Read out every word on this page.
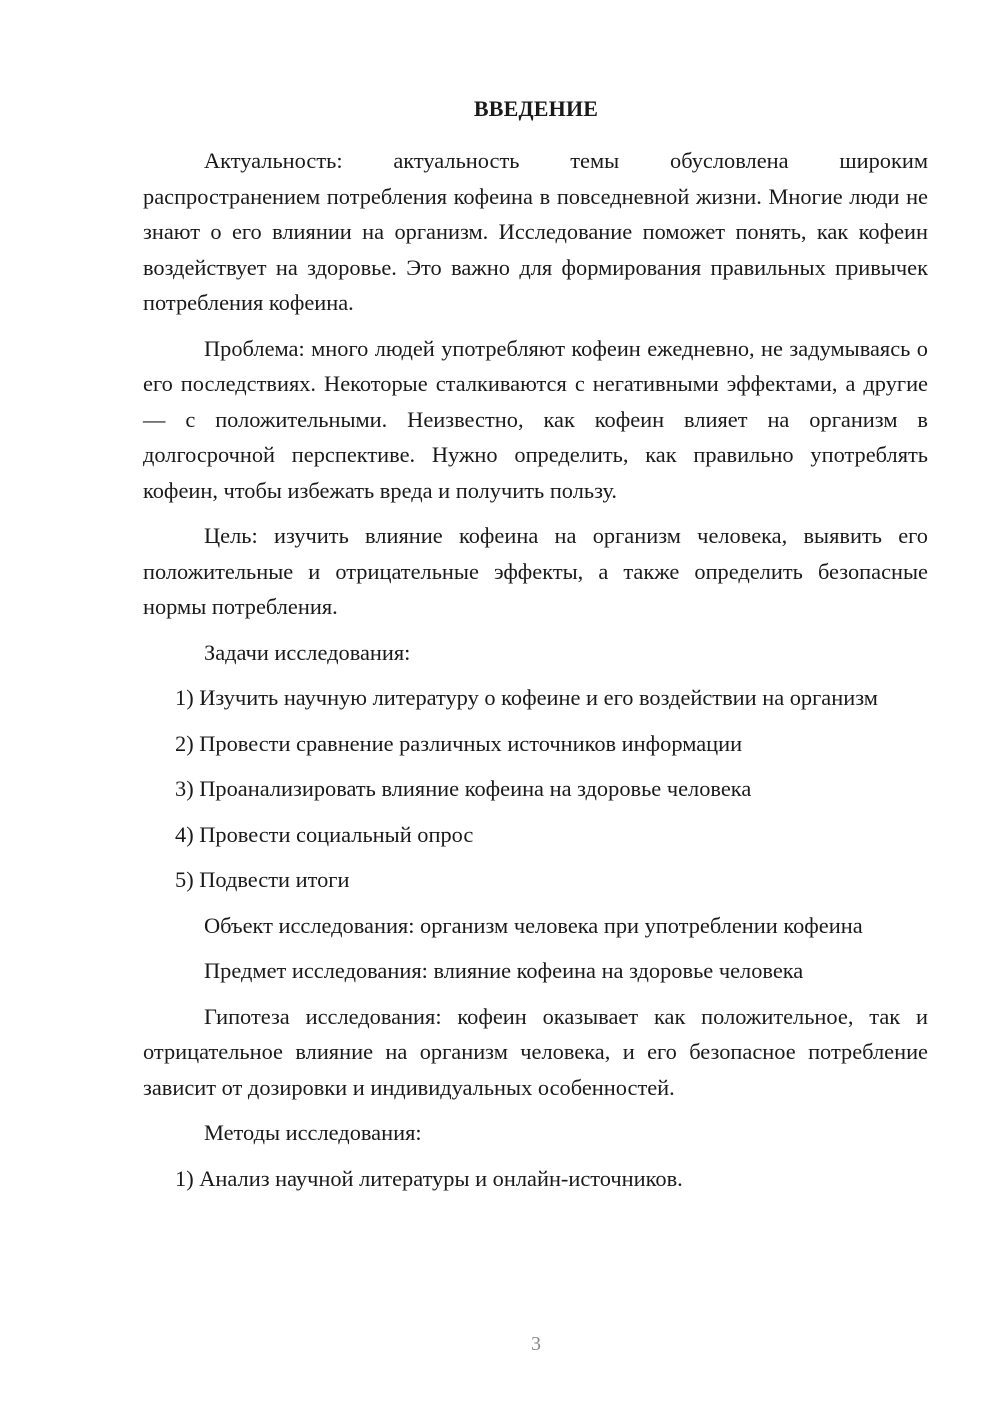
ВВЕДЕНИЕ

Актуальность: актуальность темы обусловлена широким распространением потребления кофеина в повседневной жизни. Многие люди не знают о его влиянии на организм. Исследование поможет понять, как кофеин воздействует на здоровье. Это важно для формирования правильных привычек потребления кофеина.

Проблема: много людей употребляют кофеин ежедневно, не задумываясь о его последствиях. Некоторые сталкиваются с негативными эффектами, а другие — с положительными. Неизвестно, как кофеин влияет на организм в долгосрочной перспективе. Нужно определить, как правильно употреблять кофеин, чтобы избежать вреда и получить пользу.

Цель: изучить влияние кофеина на организм человека, выявить его положительные и отрицательные эффекты, а также определить безопасные нормы потребления.

Задачи исследования:

1) Изучить научную литературу о кофеине и его воздействии на организм

2) Провести сравнение различных источников информации

3) Проанализировать влияние кофеина на здоровье человека

4) Провести социальный опрос

5) Подвести итоги

Объект исследования: организм человека при употреблении кофеина

Предмет исследования: влияние кофеина на здоровье человека

Гипотеза исследования: кофеин оказывает как положительное, так и отрицательное влияние на организм человека, и его безопасное потребление зависит от дозировки и индивидуальных особенностей.

Методы исследования:

1) Анализ научной литературы и онлайн-источников.

3
